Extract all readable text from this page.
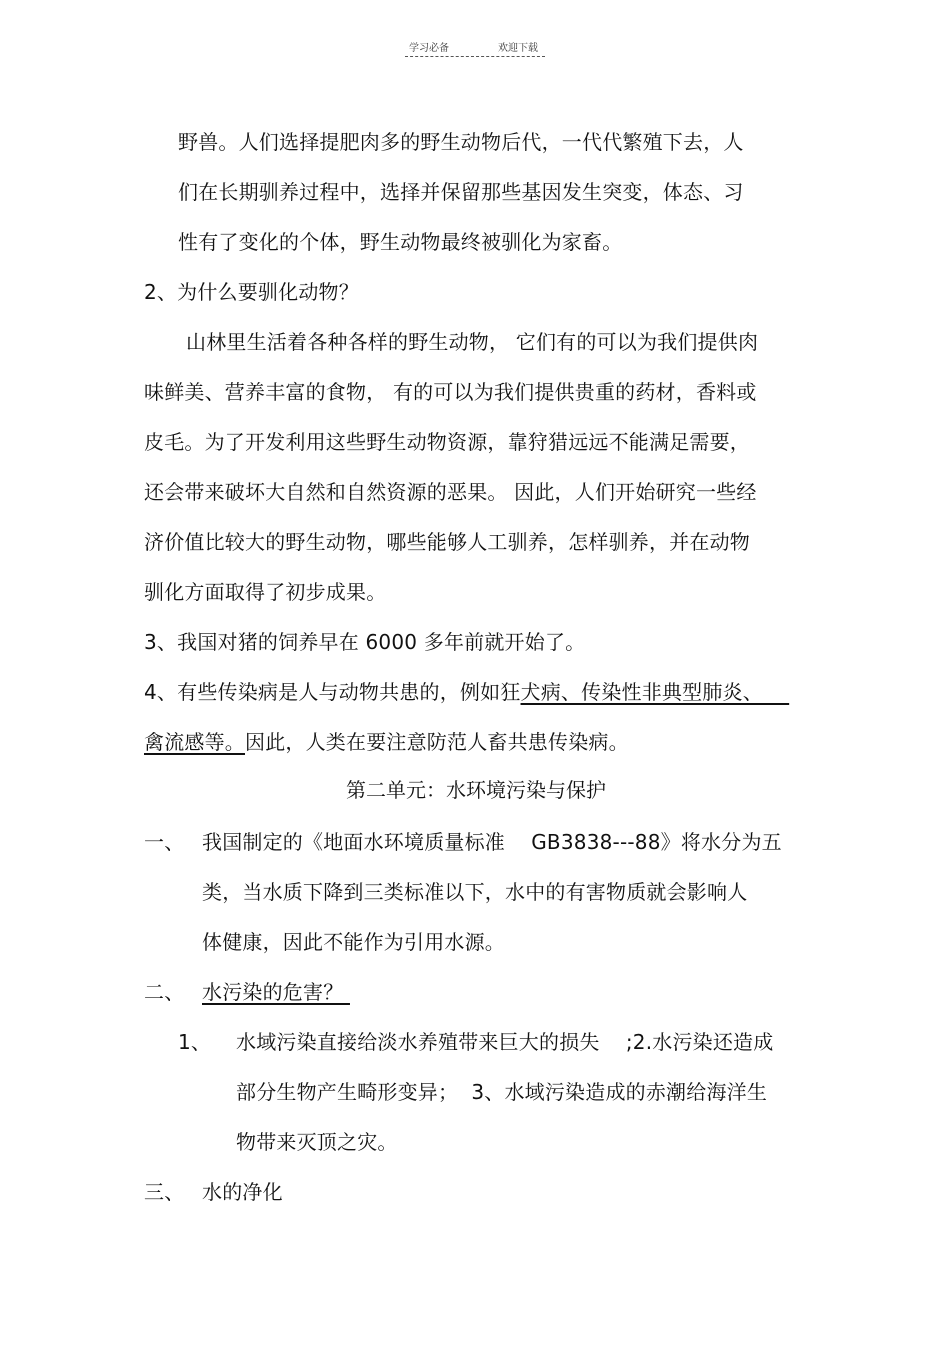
学习必备	欢迎下载
野兽。人们选择提肥肉多的野生动物后代，一代代繁殖下去，人
们在长期驯养过程中，选择并保留那些基因发生突变，体态、习
性有了变化的个体，野生动物最终被驯化为家畜。
2、为什么要驯化动物？
山林里生活着各种各样的野生动物， 它们有的可以为我们提供肉
味鲜美、营养丰富的食物， 有的可以为我们提供贵重的药材，香料或
皮毛。为了开发利用这些野生动物资源，靠狩猎远远不能满足需要，
还会带来破坏大自然和自然资源的恶果。 因此，人们开始研究一些经
济价值比较大的野生动物，哪些能够人工驯养，怎样驯养，并在动物
驯化方面取得了初步成果。
3、我国对猪的饲养早在 6000 多年前就开始了。
4、有些传染病是人与动物共患的，例如狂犬病、传染性非典型肺炎、
禽流感等。因此，人类在要注意防范人畜共患传染病。
第二单元：水环境污染与保护
一、 我国制定的《地面水环境质量标准    GB3838---88》将水分为五
类，当水质下降到三类标准以下，水中的有害物质就会影响人
体健康，因此不能作为引用水源。
二、 水污染的危害？
1、 水域污染直接给淡水养殖带来巨大的损失    ;2.水污染还造成
部分生物产生畸形变异；  3、水域污染造成的赤潮给海洋生
物带来灭顶之灾。
三、 水的净化
